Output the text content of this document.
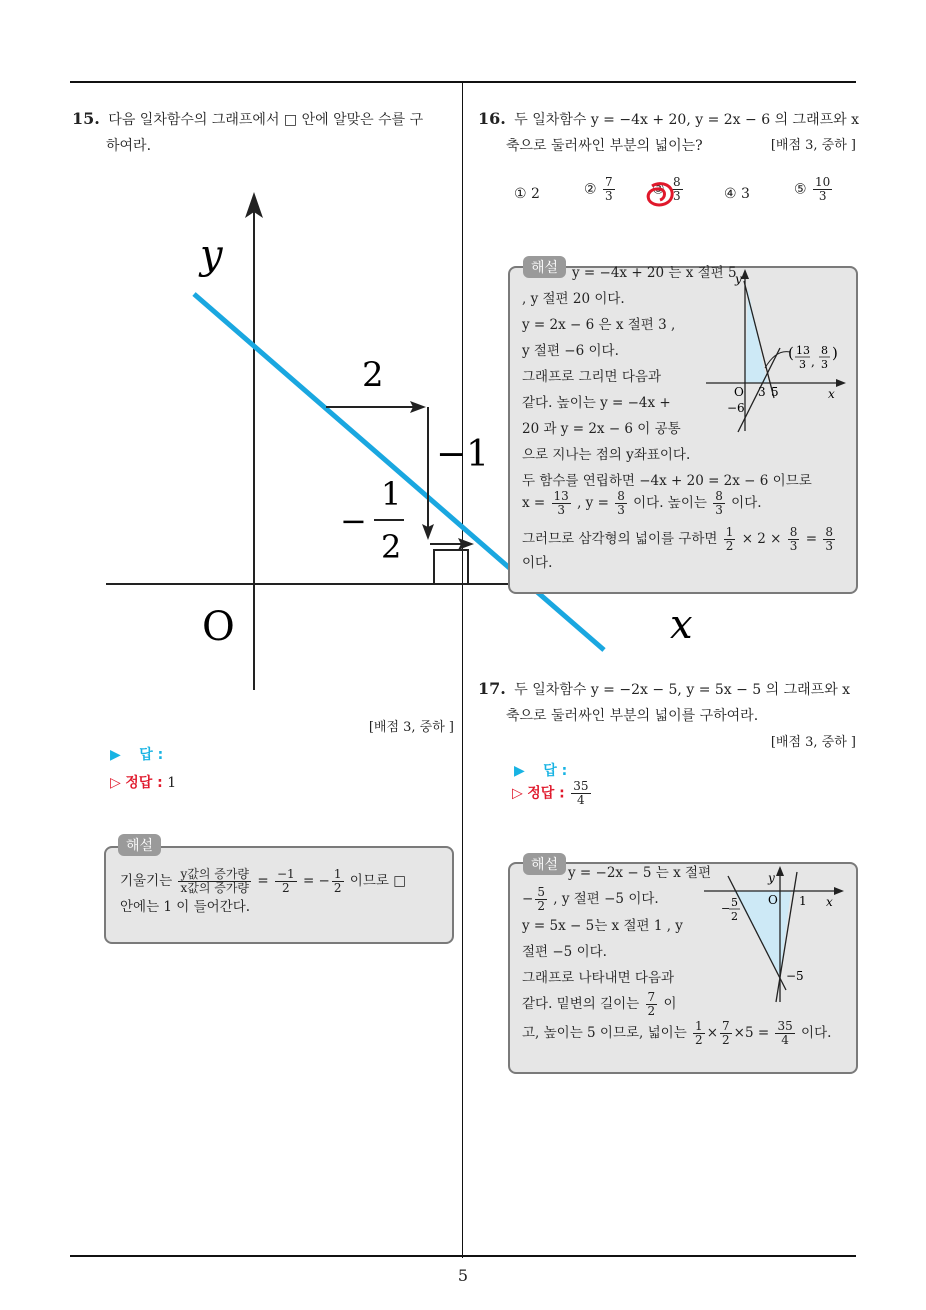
15. 다음 일차함수의 그래프에서 □ 안에 알맞은 수를 구
하여라.
y
x
O
2
−1
−
1
2
[배점 3, 중하 ]
▶ 답 :
▷ 정답 : 1
해설
기울기는 $\frac{\text{y값의 증가량}}{\text{x값의 증가량}} = \frac{-1}{2}$ = − $\frac{1}{2}$ 이므로 □
안에는 1 이 들어간다.
16. 두 일차함수 y = −4x + 20, y = 2x − 6 의 그래프와 x
축으로 둘러싸인 부분의 넓이는?	[배점 3, 중하 ]
① 2	② $\frac{7}{3}$	③ $\frac{8}{3}$	④ 3	⑤ $\frac{10}{3}$
해설	y = −4x + 20 는 x 절편 5
, y 절편 20 이다.
y = 2x − 6 은 x 절편 3 ,
y 절편 −6 이다.
그래프로 그리면 다음과
같다. 높이는 y = −4x +
20 과 y = 2x − 6 이 공통
으로 지나는 점의 y좌표이다.
두 함수를 연립하면 −4x + 20 = 2x − 6 이므로
$x = \frac{13}{3}$ , $y = \frac{8}{3}$ 이다. 높이는 $\frac{8}{3}$ 이다.
그러므로 삼각형의 넓이를 구하면 $\frac{1}{2} \times 2 \times \frac{8}{3} = \frac{8}{3}$
이다.
y
x
O 3 5
−6
( 13
3 ,
8
3
)
17. 두 일차함수 y = −2x − 5, y = 5x − 5 의 그래프와 x
축으로 둘러싸인 부분의 넓이를 구하여라.
[배점 3, 중하 ]
▶ 답 :
▷ 정답 : $\frac{35}{4}$
해설 y = −2x − 5 는 x 절편
− $\frac{5}{2}$ , y 절편 −5 이다.
y = 5x − 5는 x 절편 1 , y
절편 −5 이다.
그래프로 나타내면 다음과
같다. 밑변의 길이는 $\frac{7}{2}$ 이
고, 높이는 5 이므로, 넓이는 $\frac{1}{2} \times \frac{7}{2} \times 5 = \frac{35}{4}$ 이다.
y
x
O
− 5
2
1
−5
5
